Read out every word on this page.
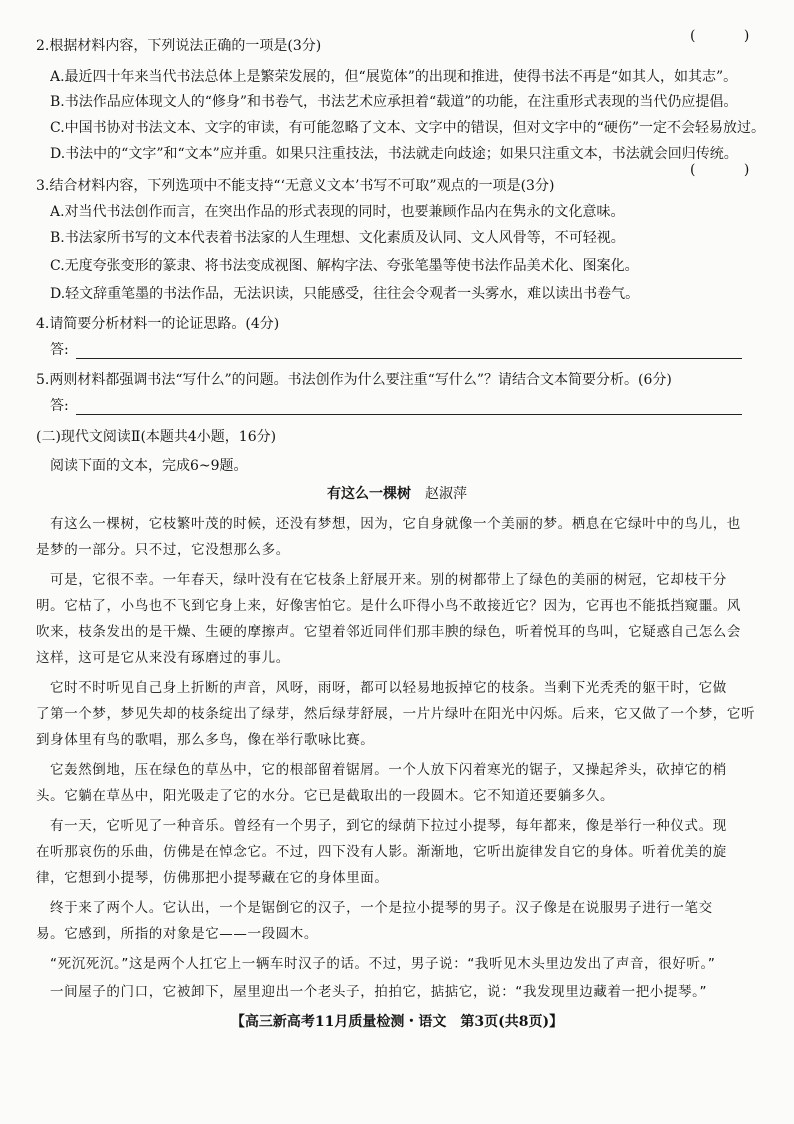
( )
2.根据材料内容，下列说法正确的一项是(3分)
A.最近四十年来当代书法总体上是繁荣发展的，但“展览体”的出现和推进，使得书法不再是“如其人，如其志”。
B.书法作品应体现文人的“修身”和书卷气，书法艺术应承担着“载道”的功能，在注重形式表现的当代仍应提倡。
C.中国书协对书法文本、文字的审读，有可能忽略了文本、文字中的错误，但对文字中的“硬伤”一定不会轻易放过。
D.书法中的“文字”和“文本”应并重。如果只注重技法，书法就走向歧途；如果只注重文本，书法就会回归传统。
( )
3.结合材料内容，下列选项中不能支持“‘无意义文本’书写不可取”观点的一项是(3分)
A.对当代书法创作而言，在突出作品的形式表现的同时，也要兼顾作品内在隽永的文化意味。
B.书法家所书写的文本代表着书法家的人生理想、文化素质及认同、文人风骨等，不可轻视。
C.无度夸张变形的篆隶、将书法变成视图、解构字法、夸张笔墨等使书法作品美术化、图案化。
D.轻文辞重笔墨的书法作品，无法识读，只能感受，往往会令观者一头雾水，难以读出书卷气。
4.请简要分析材料一的论证思路。(4分)
答:
5.两则材料都强调书法“写什么”的问题。书法创作为什么要注重“写什么”？请结合文本简要分析。(6分)
答:
(二)现代文阅读Ⅱ(本题共4小题，16分)
阅读下面的文本，完成6~9题。
有这么一棵树 赵淑萍
有这么一棵树，它枝繁叶茂的时候，还没有梦想，因为，它自身就像一个美丽的梦。栖息在它绿叶中的鸟儿，也
是梦的一部分。只不过，它没想那么多。
可是，它很不幸。一年春天，绿叶没有在它枝条上舒展开来。别的树都带上了绿色的美丽的树冠，它却枝干分
明。它枯了，小鸟也不飞到它身上来，好像害怕它。是什么吓得小鸟不敢接近它？因为，它再也不能抵挡窥噩。风
吹来，枝条发出的是干燥、生硬的摩擦声。它望着邻近同伴们那丰腴的绿色，听着悦耳的鸟叫，它疑惑自己怎么会
这样，这可是它从来没有琢磨过的事儿。
它时不时听见自己身上折断的声音，风呀，雨呀，都可以轻易地扳掉它的枝条。当剩下光秃秃的躯干时，它做
了第一个梦，梦见失却的枝条绽出了绿芽，然后绿芽舒展，一片片绿叶在阳光中闪烁。后来，它又做了一个梦，它听
到身体里有鸟的歌唱，那么多鸟，像在举行歌咏比赛。
它轰然倒地，压在绿色的草丛中，它的根部留着锯屑。一个人放下闪着寒光的锯子，又操起斧头，砍掉它的梢
头。它躺在草丛中，阳光吸走了它的水分。它已是截取出的一段圆木。它不知道还要躺多久。
有一天，它听见了一种音乐。曾经有一个男子，到它的绿荫下拉过小提琴，每年都来，像是举行一种仪式。现
在听那哀伤的乐曲，仿佛是在悼念它。不过，四下没有人影。渐渐地，它听出旋律发自它的身体。听着优美的旋
律，它想到小提琴，仿佛那把小提琴藏在它的身体里面。
终于来了两个人。它认出，一个是锯倒它的汉子，一个是拉小提琴的男子。汉子像是在说服男子进行一笔交
易。它感到，所指的对象是它——一段圆木。
“死沉死沉。”这是两个人扛它上一辆车时汉子的话。不过，男子说：“我听见木头里边发出了声音，很好听。”
一间屋子的门口，它被卸下，屋里迎出一个老头子，拍拍它，掂掂它，说：“我发现里边藏着一把小提琴。”
【高三新高考11月质量检测・语文　第3页(共8页)】
